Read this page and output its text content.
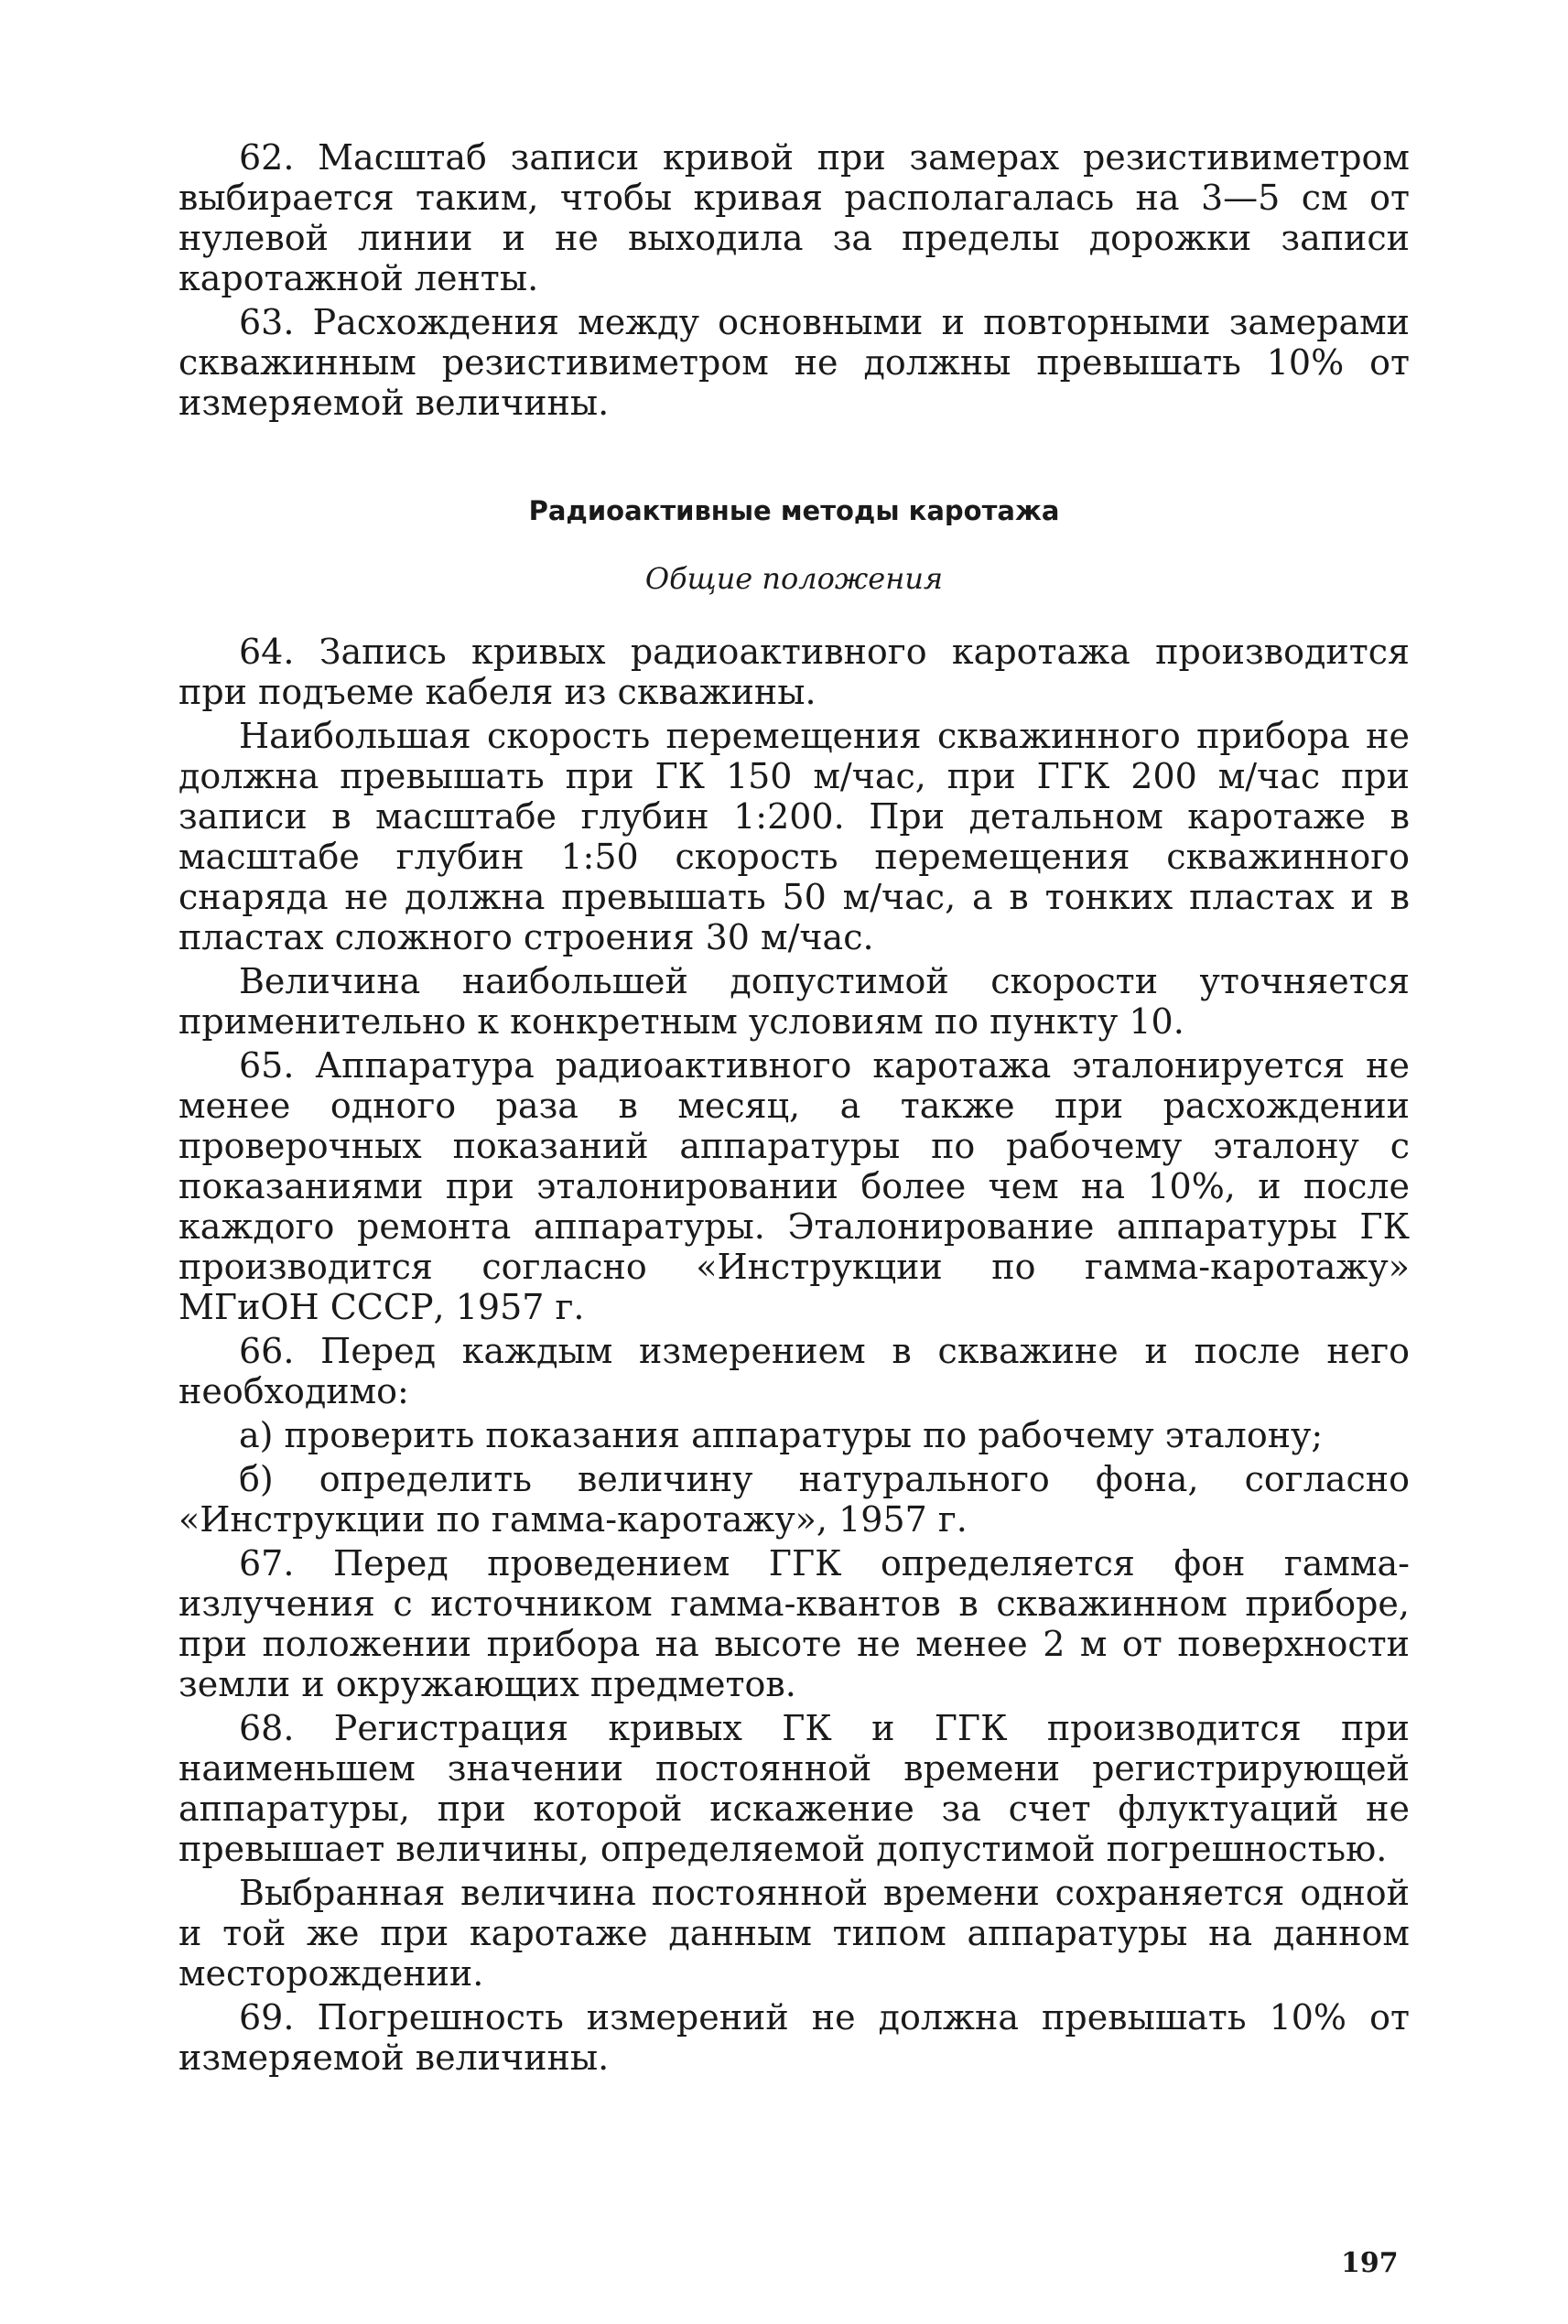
62. Масштаб записи кривой при замерах резистивиметром выбирается таким, чтобы кривая располагалась на 3—5 см от нулевой линии и не выходила за пределы дорожки записи каротажной ленты.

63. Расхождения между основными и повторными замерами скважинным резистивиметром не должны превышать 10% от измеряемой величины.

Радиоактивные методы каротажа
Общие положения

64. Запись кривых радиоактивного каротажа производится при подъеме кабеля из скважины.

Наибольшая скорость перемещения скважинного прибора не должна превышать при ГК 150 м/час, при ГГК 200 м/час при записи в масштабе глубин 1:200. При детальном каротаже в масштабе глубин 1:50 скорость перемещения скважинного снаряда не должна превышать 50 м/час, а в тонких пластах и в пластах сложного строения 30 м/час.

Величина наибольшей допустимой скорости уточняется применительно к конкретным условиям по пункту 10.

65. Аппаратура радиоактивного каротажа эталонируется не менее одного раза в месяц, а также при расхождении проверочных показаний аппаратуры по рабочему эталону с показаниями при эталонировании более чем на 10%, и после каждого ремонта аппаратуры. Эталонирование аппаратуры ГК производится согласно «Инструкции по гамма-каротажу» МГиОН СССР, 1957 г.

66. Перед каждым измерением в скважине и после него необходимо:

а) проверить показания аппаратуры по рабочему эталону;

б) определить величину натурального фона, согласно «Инструкции по гамма-каротажу», 1957 г.

67. Перед проведением ГГК определяется фон гамма-излучения с источником гамма-квантов в скважинном приборе, при положении прибора на высоте не менее 2 м от поверхности земли и окружающих предметов.

68. Регистрация кривых ГК и ГГК производится при наименьшем значении постоянной времени регистрирующей аппаратуры, при которой искажение за счет флуктуаций не превышает величины, определяемой допустимой погрешностью.

Выбранная величина постоянной времени сохраняется одной и той же при каротаже данным типом аппаратуры на данном месторождении.

69. Погрешность измерений не должна превышать 10% от измеряемой величины.

197
